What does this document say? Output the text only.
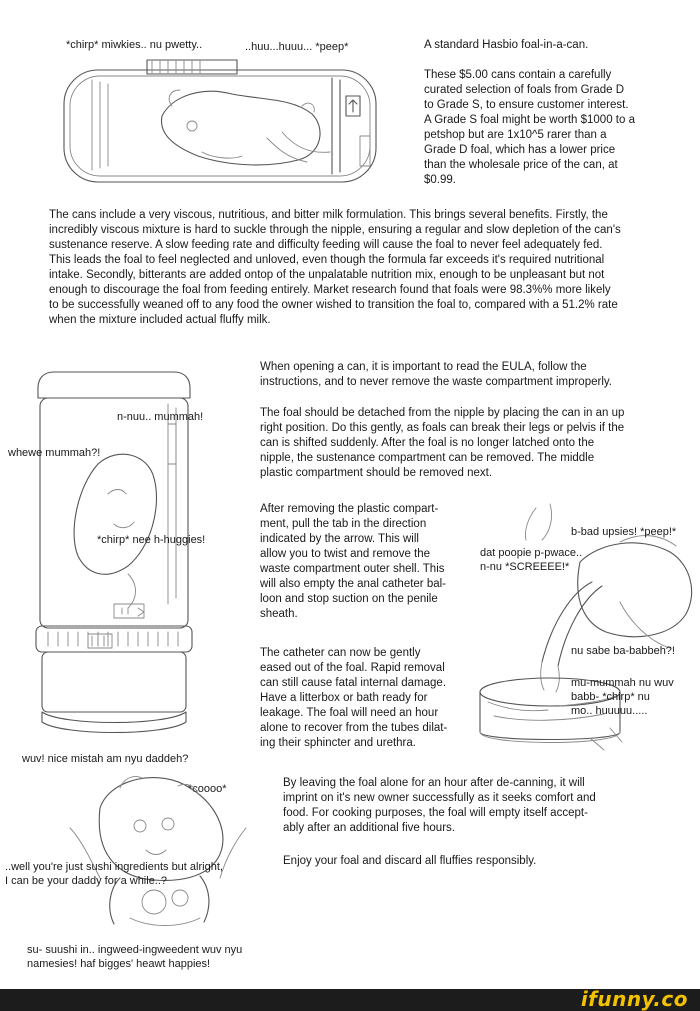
*chirp* miwkies.. nu pwetty..	..huu...huuu... *peep*	A standard Hasbio foal-in-a-can.
These $5.00 cans contain a carefully
curated selection of foals from Grade D
to Grade S, to ensure customer interest.
A Grade S foal might be worth $1000 to a
petshop but are 1x10^5 rarer than a
Grade D foal, which has a lower price
than the wholesale price of the can, at
$0.99.
The cans include a very viscous, nutritious, and bitter milk formulation. This brings several benefits. Firstly, the
incredibly viscous mixture is hard to suckle through the nipple, ensuring a regular and slow depletion of the can's
sustenance reserve. A slow feeding rate and difficulty feeding will cause the foal to never feel adequately fed.
This leads the foal to feel neglected and unloved, even though the formula far exceeds it's required nutritional
intake. Secondly, bitterants are added ontop of the unpalatable nutrition mix, enough to be unpleasant but not
enough to discourage the foal from feeding entirely. Market research found that foals were 98.3%% more likely
to be successfully weaned off to any food the owner wished to transition the foal to, compared with a 51.2% rate
when the mixture included actual fluffy milk.
n-nuu.. mummah!
whewe mummah?!
*chirp* nee h-huggies!
When opening a can, it is important to read the EULA, follow the
instructions, and to never remove the waste compartment improperly.
The foal should be detached from the nipple by placing the can in an up
right position. Do this gently, as foals can break their legs or pelvis if the
can is shifted suddenly. After the foal is no longer latched onto the
nipple, the sustenance compartment can be removed. The middle
plastic compartment should be removed next.
After removing the plastic compart-
ment, pull the tab in the direction
indicated by the arrow. This will
allow you to twist and remove the
waste compartment outer shell. This
will also empty the anal catheter bal-
loon and stop suction on the penile
sheath.
The catheter can now be gently
eased out of the foal. Rapid removal
can still cause fatal internal damage.
Have a litterbox or bath ready for
leakage. The foal will need an hour
alone to recover from the tubes dilat-
ing their sphincter and urethra.
b-bad upsies! *peep!*
dat poopie p-pwace..
n-nu *SCREEEE!*
nu sabe ba-babbeh?!
mu-mummah nu wuv
babb- *chirp* nu
mo.. huuuuu.....
wuv! nice mistah am nyu daddeh?
*coooo*
..well you're just sushi ingredients but alright,
I can be your daddy for a while..?
su- suushi in.. ingweed-ingweedent wuv nyu
namesies! haf bigges' heawt happies!
By leaving the foal alone for an hour after de-canning, it will
imprint on it's new owner successfully as it seeks comfort and
food. For cooking purposes, the foal will empty itself accept-
ably after an additional five hours.
Enjoy your foal and discard all fluffies responsibly.
ifunny.co
